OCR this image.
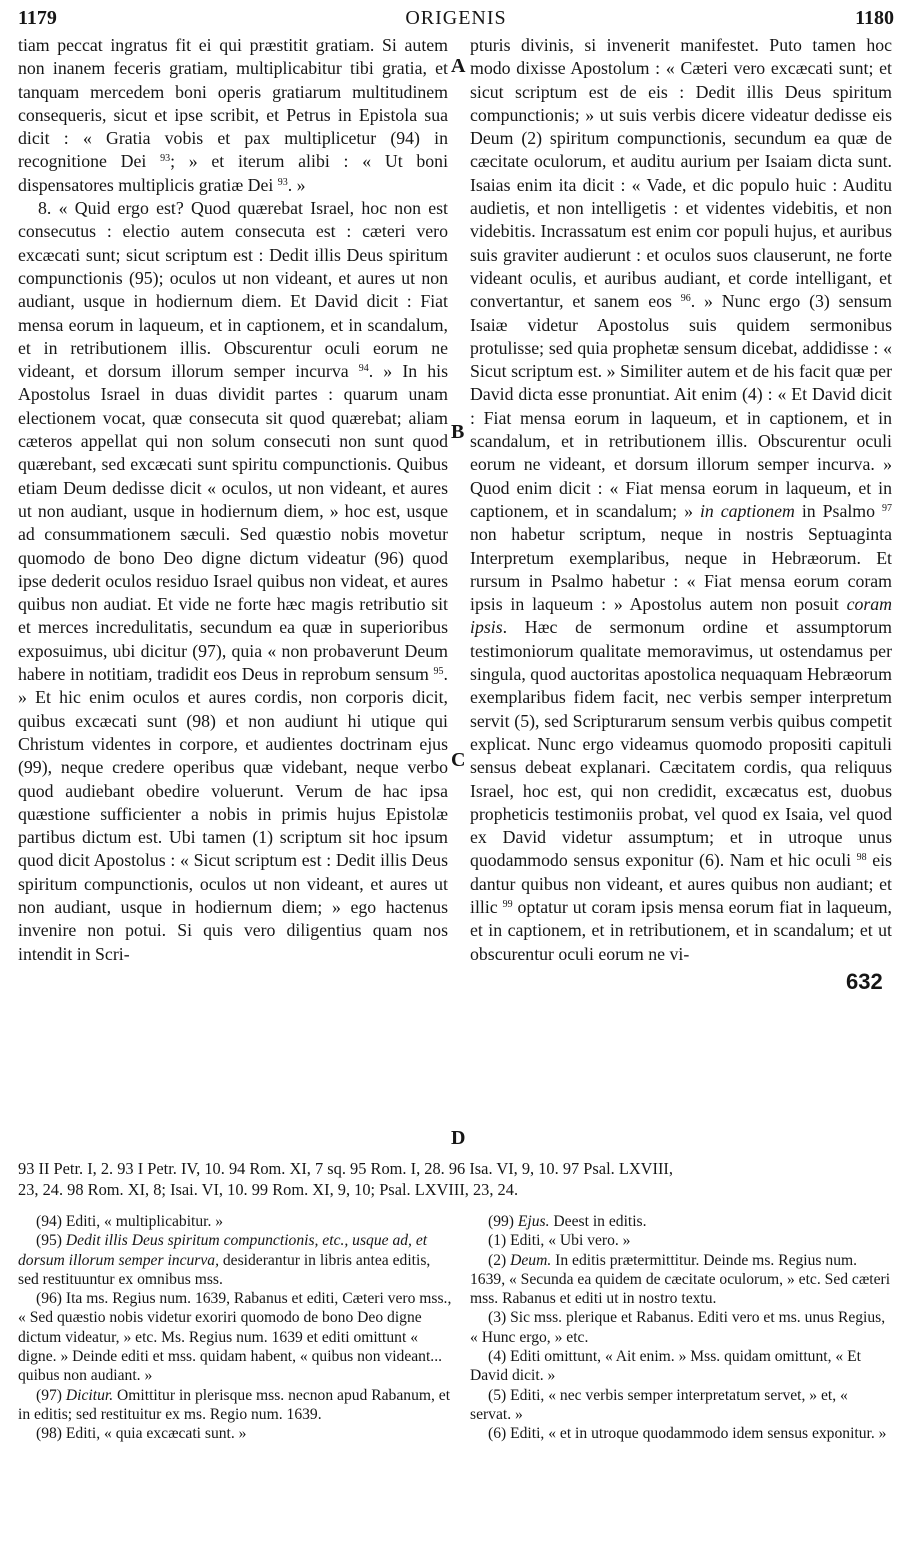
1179	ORIGENIS	1180

tiam peccat ingratus fit ei qui præstitit gratiam. Si autem non inanem feceris gratiam, multiplicabitur tibi gratia, et tanquam mercedem boni operis gratiarum multitudinem consequeris, sicut et ipse scribit, et Petrus in Epistola sua dicit : « Gratia vobis et pax multiplicetur (94) in recognitione Dei $^{93}$; » et iterum alibi : « Ut boni dispensatores multiplicis gratiæ Dei $^{93}$. »

8. « Quid ergo est? Quod quærebat Israel, hoc non est consecutus : electio autem consecuta est : cæteri vero excæcati sunt; sicut scriptum est : Dedit illis Deus spiritum compunctionis (95); oculos ut non videant, et aures ut non audiant, usque in hodiernum diem. Et David dicit : Fiat mensa eorum in laqueum, et in captionem, et in scandalum, et in retributionem illis. Obscurentur oculi eorum ne videant, et dorsum illorum semper incurva $^{94}$. » In his Apostolus Israel in duas dividit partes : quarum unam electionem vocat, quæ consecuta sit quod quærebat; aliam cæteros appellat qui non solum consecuti non sunt quod quærebant, sed excæcati sunt spiritu compunctionis. Quibus etiam Deum dedisse dicit « oculos, ut non videant, et aures ut non audiant, usque in hodiernum diem, » hoc est, usque ad consummationem sæculi. Sed quæstio nobis movetur quomodo de bono Deo digne dictum videatur (96) quod ipse dederit oculos residuo Israel quibus non videat, et aures quibus non audiat. Et vide ne forte hæc magis retributio sit et merces incredulitatis, secundum ea quæ in superioribus exposuimus, ubi dicitur (97), quia « non probaverunt Deum habere in notitiam, tradidit eos Deus in reprobum sensum $^{95}$. » Et hic enim oculos et aures cordis, non corporis dicit, quibus excæcati sunt (98) et non audiunt hi utique qui Christum videntes in corpore, et audientes doctrinam ejus (99), neque credere operibus quæ videbant, neque verbo quod audiebant obedire voluerunt. Verum de hac ipsa quæstione sufficienter a nobis in primis hujus Epistolæ partibus dictum est. Ubi tamen (1) scriptum sit hoc ipsum quod dicit Apostolus : « Sicut scriptum est : Dedit illis Deus spiritum compunctionis, oculos ut non videant, et aures ut non audiant, usque in hodiernum diem; » ego hactenus invenire non potui. Si quis vero diligentius quam nos intendit in Scri-

pturis divinis, si invenerit manifestet. Puto tamen hoc modo dixisse Apostolum : « Cæteri vero excæcati sunt; et sicut scriptum est de eis : Dedit illis Deus spiritum compunctionis; » ut suis verbis dicere videatur dedisse eis Deum (2) spiritum compunctionis, secundum ea quæ de cæcitate oculorum, et auditu aurium per Isaiam dicta sunt. Isaias enim ita dicit : « Vade, et dic populo huic : Auditu audietis, et non intelligetis : et videntes videbitis, et non videbitis. Incrassatum est enim cor populi hujus, et auribus suis graviter audierunt : et oculos suos clauserunt, ne forte videant oculis, et auribus audiant, et corde intelligant, et convertantur, et sanem eos $^{96}$. » Nunc ergo (3) sensum Isaiæ videtur Apostolus suis quidem sermonibus protulisse; sed quia prophetæ sensum dicebat, addidisse : « Sicut scriptum est. » Similiter autem et de his facit quæ per David dicta esse pronuntiat. Ait enim (4) : « Et David dicit : Fiat mensa eorum in laqueum, et in captionem, et in scandalum, et in retributionem illis. Obscurentur oculi eorum ne videant, et dorsum illorum semper incurva. » Quod enim dicit : « Fiat mensa eorum in laqueum, et in captionem, et in scandalum; » in captionem in Psalmo $^{97}$ non habetur scriptum, neque in nostris Septuaginta Interpretum exemplaribus, neque in Hebræorum. Et rursum in Psalmo habetur : « Fiat mensa eorum coram ipsis in laqueum : » Apostolus autem non posuit coram ipsis. Hæc de sermonum ordine et assumptorum testimoniorum qualitate memoravimus, ut ostendamus per singula, quod auctoritas apostolica nequaquam Hebræorum exemplaribus fidem facit, nec verbis semper interpretum servit (5), sed Scripturarum sensum verbis quibus competit explicat. Nunc ergo videamus quomodo propositi capituli sensus debeat explanari. Cæcitatem cordis, qua reliquus Israel, hoc est, qui non credidit, excæcatus est, duobus propheticis testimoniis probat, vel quod ex Isaia, vel quod ex David videtur assumptum; et in utroque unus quodammodo sensus exponitur (6). Nam et hic oculi $^{98}$ eis dantur quibus non videant, et aures quibus non audiant; et illic $^{99}$ optatur ut coram ipsis mensa eorum fiat in laqueum, et in captionem, et in retributionem, et in scandalum; et ut obscurentur oculi eorum ne vi-

A
B
C
D
632
93 II Petr. I, 2. 93 I Petr. IV, 10. 94 Rom. XI, 7 sq. 95 Rom. I, 28. 96 Isa. VI, 9, 10. 97 Psal. LXVIII,
23, 24. 98 Rom. XI, 8; Isai. VI, 10. 99 Rom. XI, 9, 10; Psal. LXVIII, 23, 24.

(94) Editi, « multiplicabitur. »

(95) Dedit illis Deus spiritum compunctionis, etc., usque ad, et dorsum illorum semper incurva, desiderantur in libris antea editis, sed restituuntur ex omnibus mss.

(96) Ita ms. Regius num. 1639, Rabanus et editi, Cæteri vero mss., « Sed quæstio nobis videtur exoriri quomodo de bono Deo digne dictum videatur, » etc. Ms. Regius num. 1639 et editi omittunt « digne. » Deinde editi et mss. quidam habent, « quibus non videant... quibus non audiant. »

(97) Dicitur. Omittitur in plerisque mss. necnon apud Rabanum, et in editis; sed restituitur ex ms. Regio num. 1639.

(98) Editi, « quia excæcati sunt. »

(99) Ejus. Deest in editis.

(1) Editi, « Ubi vero. »

(2) Deum. In editis prætermittitur. Deinde ms. Regius num. 1639, « Secunda ea quidem de cæcitate oculorum, » etc. Sed cæteri mss. Rabanus et editi ut in nostro textu.

(3) Sic mss. plerique et Rabanus. Editi vero et ms. unus Regius, « Hunc ergo, » etc.

(4) Editi omittunt, « Ait enim. » Mss. quidam omittunt, « Et David dicit. »

(5) Editi, « nec verbis semper interpretatum servet, » et, « servat. »

(6) Editi, « et in utroque quodammodo idem sensus exponitur. »
